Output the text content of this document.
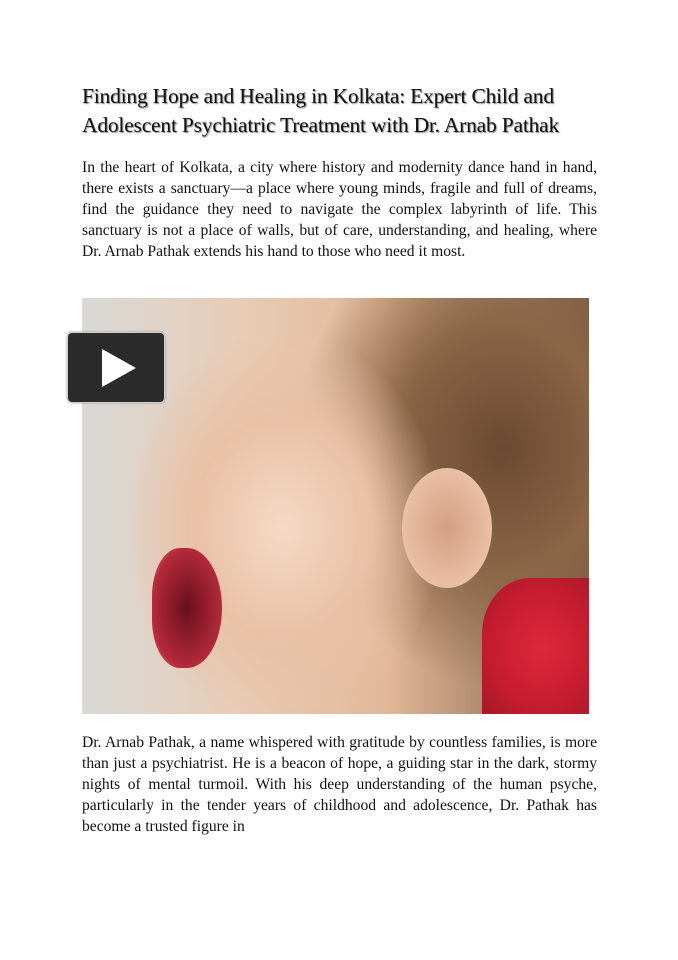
Finding Hope and Healing in Kolkata: Expert Child and
Adolescent Psychiatric Treatment with Dr. Arnab Pathak
In the heart of Kolkata, a city where history and modernity dance hand in hand, there exists a sanctuary—a place where young minds, fragile and full of dreams, find the guidance they need to navigate the complex labyrinth of life. This sanctuary is not a place of walls, but of care, understanding, and healing, where Dr. Arnab Pathak extends his hand to those who need it most.
Dr. Arnab Pathak, a name whispered with gratitude by countless families, is more than just a psychiatrist. He is a beacon of hope, a guiding star in the dark, stormy nights of mental turmoil. With his deep understanding of the human psyche, particularly in the tender years of childhood and adolescence, Dr. Pathak has become a trusted figure in
